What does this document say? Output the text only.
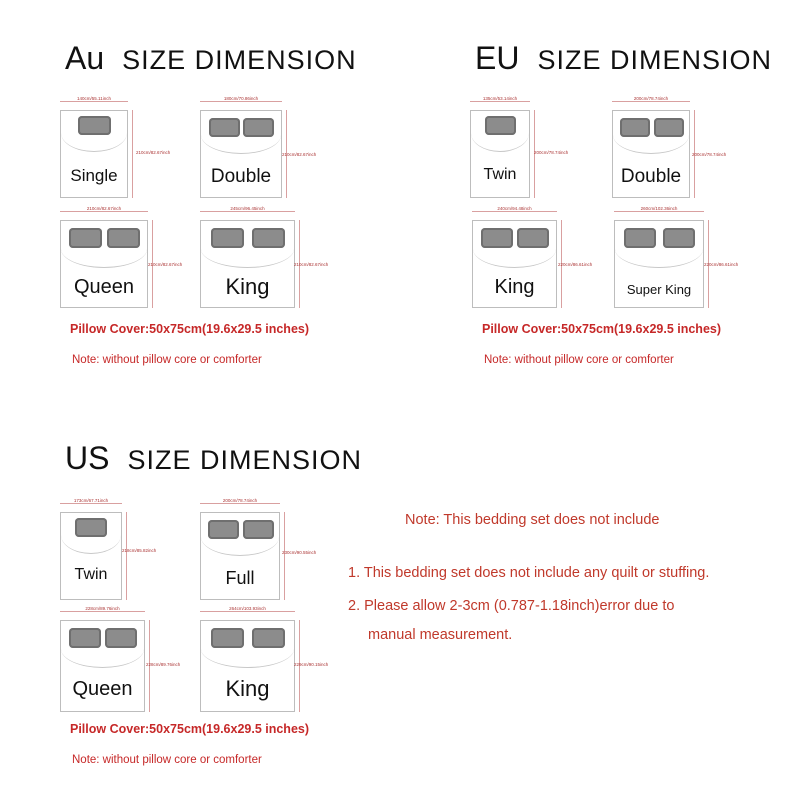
Au SIZE DIMENSION
140cm/55.11inch
210cm/82.67inch
Single
180cm/70.86inch
210cm/82.67inch
Double
210cm/82.67inch
210cm/82.67inch
Queen
245cm/96.45inch
210cm/82.67inch
King
Pillow Cover:50x75cm(19.6x29.5 inches)
Note: without pillow core or comforter
EU SIZE DIMENSION
135cm/53.14inch
200cm/78.74inch
Twin
200cm/78.74inch
200cm/78.74inch
Double
240cm/94.48inch
220cm/86.61inch
King
260cm/102.36inch
220cm/86.61inch
Super King
Pillow Cover:50x75cm(19.6x29.5 inches)
Note: without pillow core or comforter
US SIZE DIMENSION
173cm/67.71inch
218cm/85.82inch
Twin
200cm/78.74inch
230cm/90.55inch
Full
228cm/89.76inch
228cm/89.76inch
Queen
264cm/103.93inch
229cm/90.15inch
King
Pillow Cover:50x75cm(19.6x29.5 inches)
Note: without pillow core or comforter
Note: This bedding set does not include
1. This bedding set does not include any quilt or stuffing.
2. Please allow 2-3cm (0.787-1.18inch)error due to
manual measurement.
